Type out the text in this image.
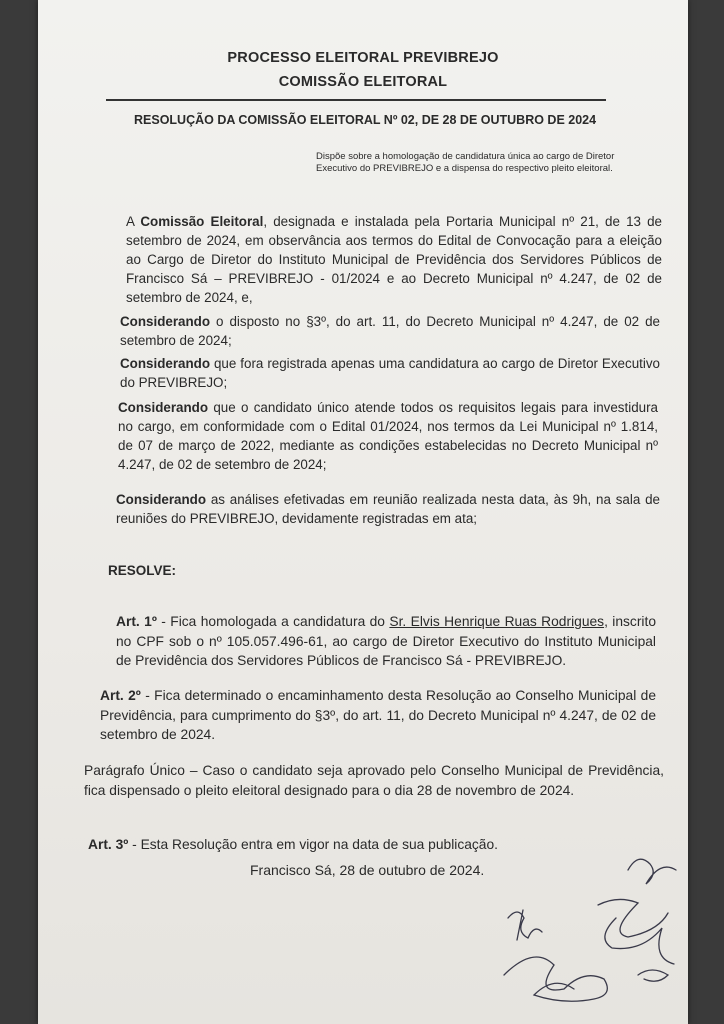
PROCESSO ELEITORAL PREVIBREJO
COMISSÃO ELEITORAL
RESOLUÇÃO DA COMISSÃO ELEITORAL Nº 02, DE 28 DE OUTUBRO DE 2024
Dispõe sobre a homologação de candidatura única ao cargo de Diretor Executivo do PREVIBREJO e a dispensa do respectivo pleito eleitoral.
A Comissão Eleitoral, designada e instalada pela Portaria Municipal nº 21, de 13 de setembro de 2024, em observância aos termos do Edital de Convocação para a eleição ao Cargo de Diretor do Instituto Municipal de Previdência dos Servidores Públicos de Francisco Sá – PREVIBREJO - 01/2024 e ao Decreto Municipal nº 4.247, de 02 de setembro de 2024, e,
Considerando o disposto no §3º, do art. 11, do Decreto Municipal nº 4.247, de 02 de setembro de 2024;
Considerando que fora registrada apenas uma candidatura ao cargo de Diretor Executivo do PREVIBREJO;
Considerando que o candidato único atende todos os requisitos legais para investidura no cargo, em conformidade com o Edital 01/2024, nos termos da Lei Municipal nº 1.814, de 07 de março de 2022, mediante as condições estabelecidas no Decreto Municipal nº 4.247, de 02 de setembro de 2024;
Considerando as análises efetivadas em reunião realizada nesta data, às 9h, na sala de reuniões do PREVIBREJO, devidamente registradas em ata;
RESOLVE:
Art. 1º - Fica homologada a candidatura do Sr. Elvis Henrique Ruas Rodrigues, inscrito no CPF sob o nº 105.057.496-61, ao cargo de Diretor Executivo do Instituto Municipal de Previdência dos Servidores Públicos de Francisco Sá - PREVIBREJO.
Art. 2º - Fica determinado o encaminhamento desta Resolução ao Conselho Municipal de Previdência, para cumprimento do §3º, do art. 11, do Decreto Municipal nº 4.247, de 02 de setembro de 2024.
Parágrafo Único – Caso o candidato seja aprovado pelo Conselho Municipal de Previdência, fica dispensado o pleito eleitoral designado para o dia 28 de novembro de 2024.
Art. 3º - Esta Resolução entra em vigor na data de sua publicação.
Francisco Sá, 28 de outubro de 2024.
